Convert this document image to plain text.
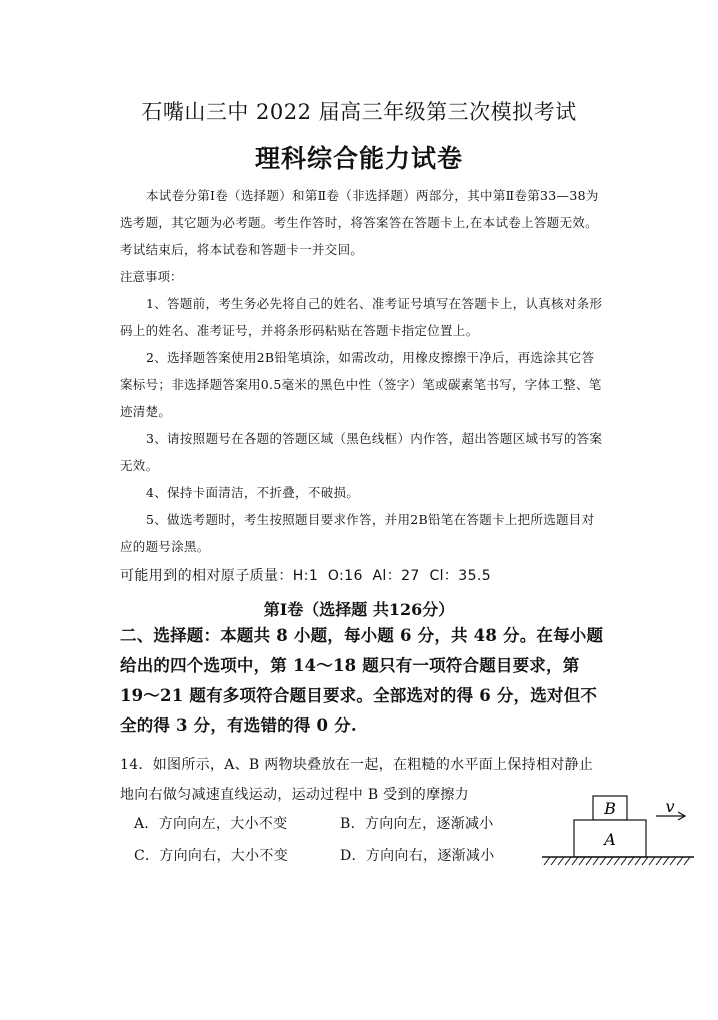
石嘴山三中 2022 届高三年级第三次模拟考试
理科综合能力试卷
本试卷分第Ⅰ卷（选择题）和第Ⅱ卷（非选择题）两部分，其中第Ⅱ卷第33—38为选考题，其它题为必考题。考生作答时，将答案答在答题卡上,在本试卷上答题无效。考试结束后，将本试卷和答题卡一并交回。
注意事项：
1、答题前，考生务必先将自己的姓名、准考证号填写在答题卡上，认真核对条形码上的姓名、准考证号，并将条形码粘贴在答题卡指定位置上。
2、选择题答案使用2B铅笔填涂，如需改动，用橡皮擦擦干净后，再选涂其它答案标号；非选择题答案用0.5毫米的黑色中性（签字）笔或碳素笔书写，字体工整、笔迹清楚。
3、请按照题号在各题的答题区域（黑色线框）内作答，超出答题区域书写的答案无效。
4、保持卡面清洁，不折叠，不破损。
5、做选考题时，考生按照题目要求作答，并用2B铅笔在答题卡上把所选题目对应的题号涂黑。
可能用到的相对原子质量：H:1  O:16  Al：27  Cl：35.5
第Ⅰ卷（选择题 共126分）
二、选择题：本题共 8 小题，每小题 6 分，共 48 分。在每小题给出的四个选项中，第 14～18 题只有一项符合题目要求，第 19～21 题有多项符合题目要求。全部选对的得 6 分，选对但不全的得 3 分，有选错的得 0 分.
14．如图所示，A、B 两物块叠放在一起，在粗糙的水平面上保持相对静止地向右做匀减速直线运动，运动过程中 B 受到的摩擦力
A．方向向左，大小不变	B．方向向左，逐渐减小
C．方向向右，大小不变	D．方向向右，逐渐减小
B
A
v
